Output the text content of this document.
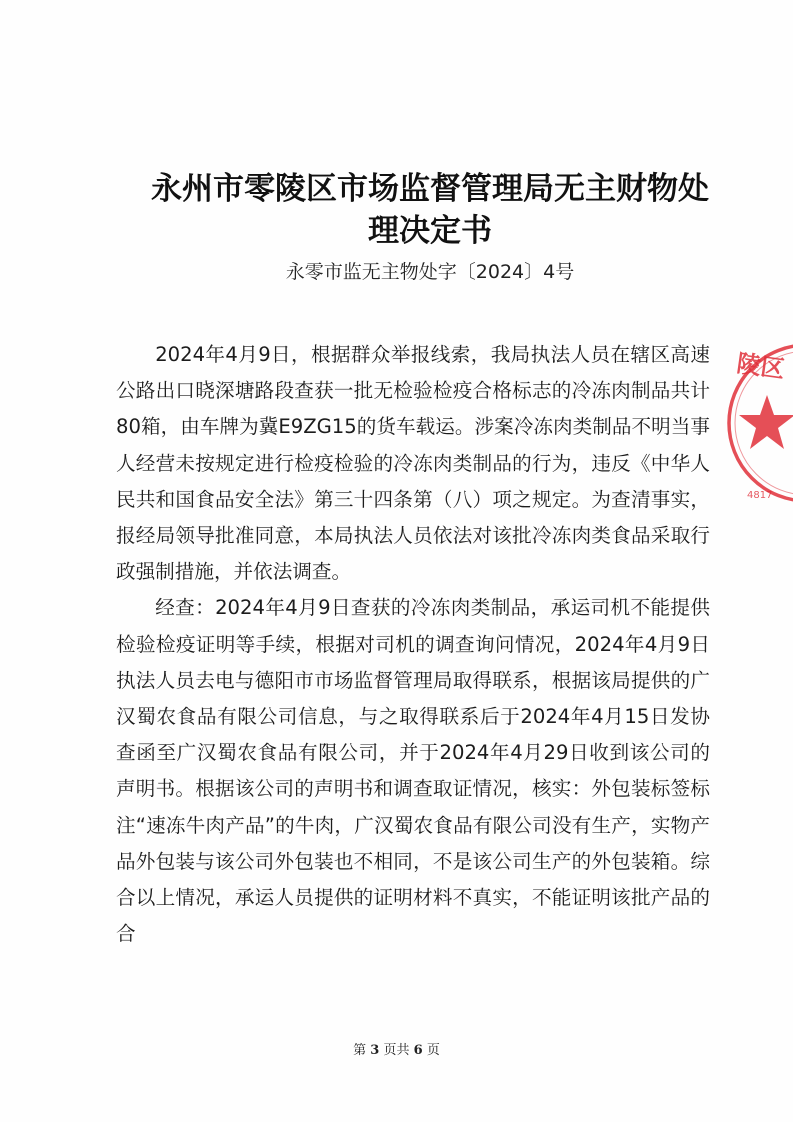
永州市零陵区市场监督管理局无主财物处
理决定书
永零市监无主物处字〔2024〕4号

2024年4月9日，根据群众举报线索，我局执法人员在辖区高速公路出口晓深塘路段查获一批无检验检疫合格标志的冷冻肉制品共计80箱，由车牌为冀E9ZG15的货车载运。涉案冷冻肉类制品不明当事人经营未按规定进行检疫检验的冷冻肉类制品的行为，违反《中华人民共和国食品安全法》第三十四条第（八）项之规定。为查清事实，报经局领导批准同意，本局执法人员依法对该批冷冻肉类食品采取行政强制措施，并依法调查。

经查：2024年4月9日查获的冷冻肉类制品，承运司机不能提供检验检疫证明等手续，根据对司机的调查询问情况，2024年4月9日执法人员去电与德阳市市场监督管理局取得联系，根据该局提供的广汉蜀农食品有限公司信息，与之取得联系后于2024年4月15日发协查函至广汉蜀农食品有限公司，并于2024年4月29日收到该公司的声明书。根据该公司的声明书和调查取证情况，核实：外包装标签标注“速冻牛肉产品”的牛肉，广汉蜀农食品有限公司没有生产，实物产品外包装与该公司外包装也不相同，不是该公司生产的外包装箱。综合以上情况，承运人员提供的证明材料不真实，不能证明该批产品的合

陵区
4817
第 3 页共 6 页
